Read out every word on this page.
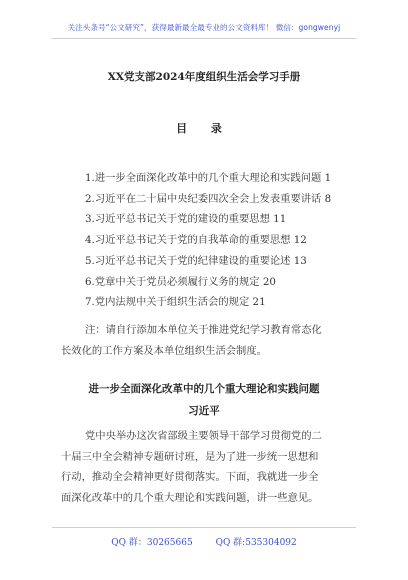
关注头条号“公文研究”，获得最新最全最专业的公文资料库！ 微信：gongwenyj
XX党支部2024年度组织生活会学习手册
目 录
1.进一步全面深化改革中的几个重大理论和实践问题 1
2.习近平在二十届中央纪委四次全会上发表重要讲话 8
3.习近平总书记关于党的建设的重要思想 11
4.习近平总书记关于党的自我革命的重要思想 12
5.习近平总书记关于党的纪律建设的重要论述 13
6.党章中关于党员必须履行义务的规定 20
7.党内法规中关于组织生活会的规定 21
注：请自行添加本单位关于推进党纪学习教育常态化
长效化的工作方案及本单位组织生活会制度。
进一步全面深化改革中的几个重大理论和实践问题
习近平
党中央举办这次省部级主要领导干部学习贯彻党的二
十届三中全会精神专题研讨班，是为了进一步统一思想和
行动，推动全会精神更好贯彻落实。下面，我就进一步全
面深化改革中的几个重大理论和实践问题，讲一些意见。
QQ 群：30265665	QQ 群:535304092
